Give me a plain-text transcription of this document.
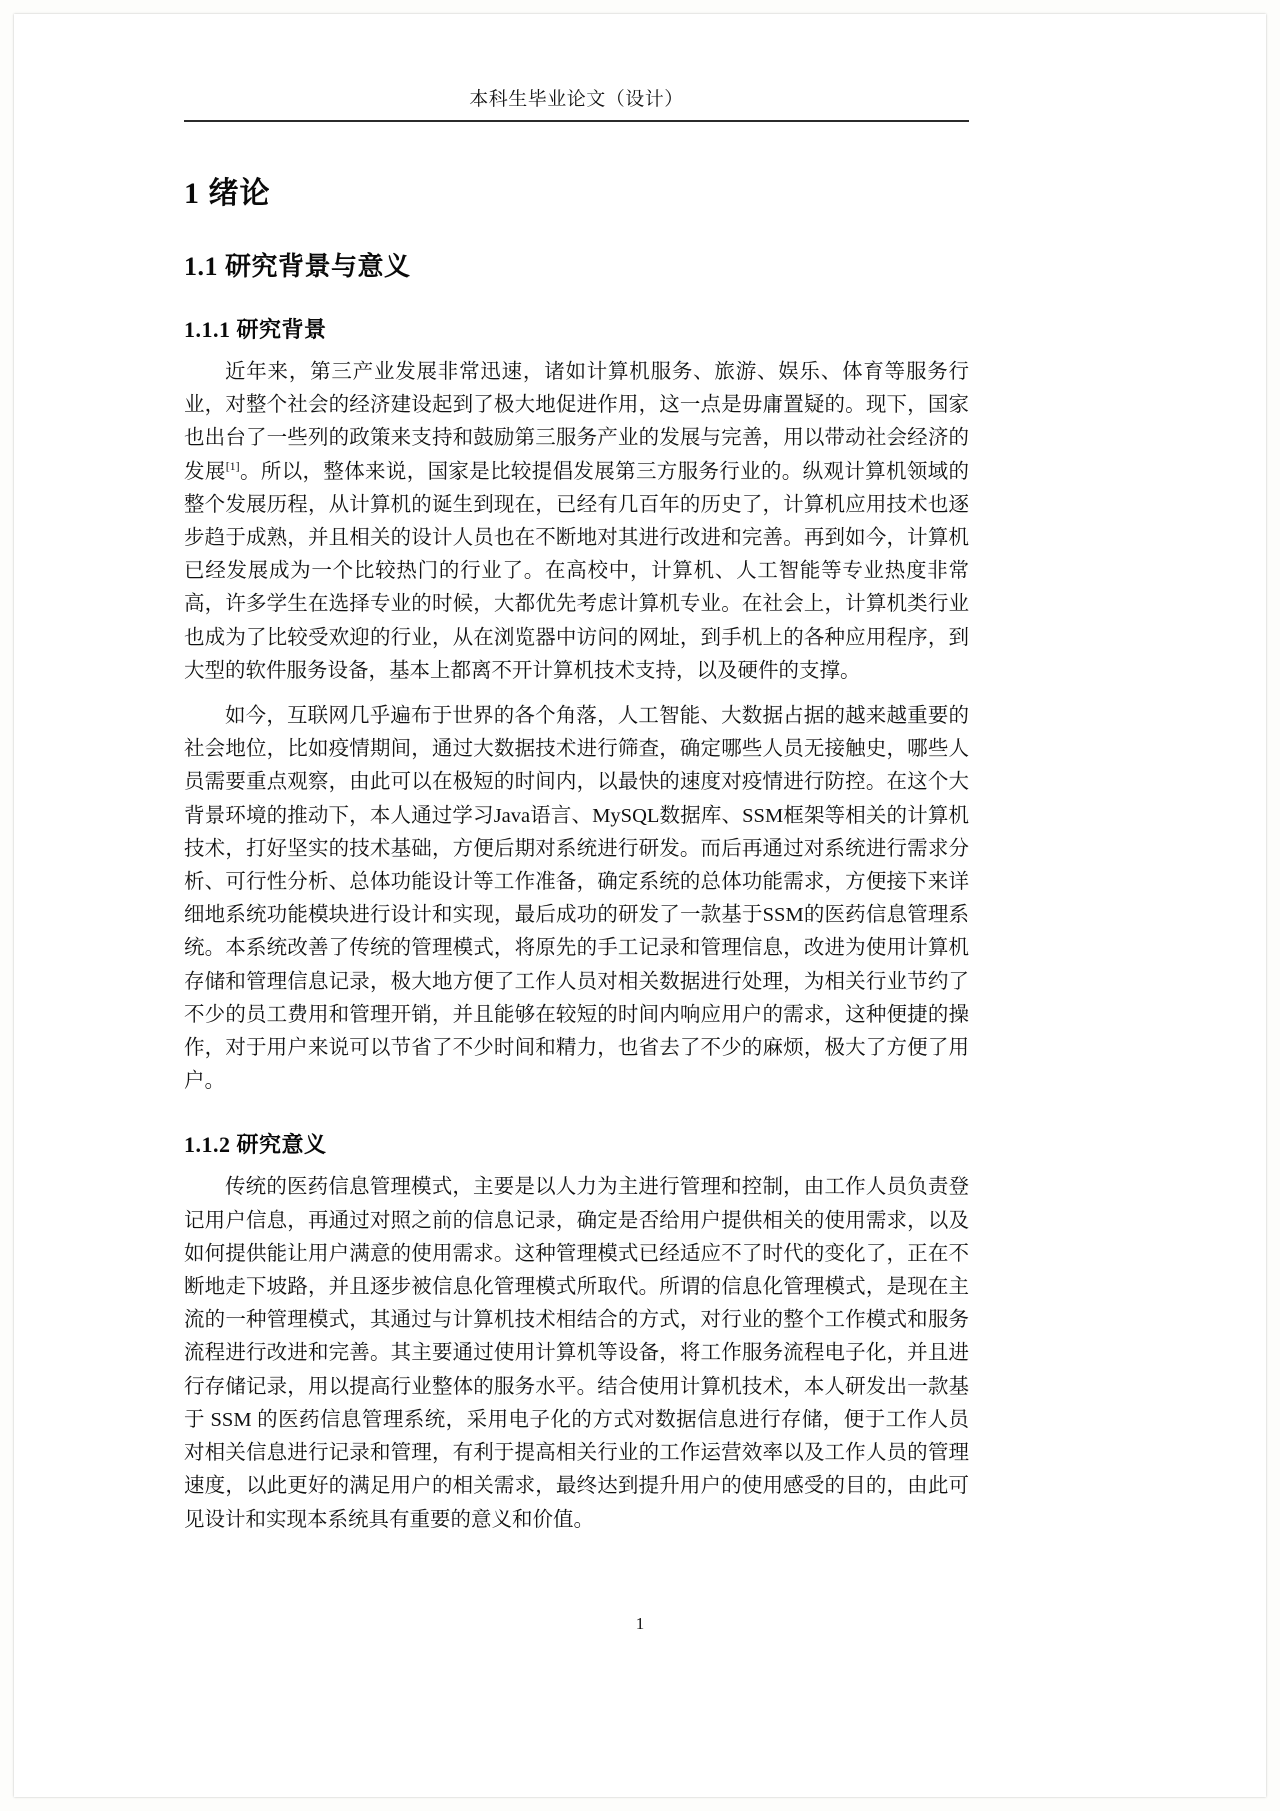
本科生毕业论文（设计）
1 绪论
1.1 研究背景与意义
1.1.1 研究背景

近年来，第三产业发展非常迅速，诸如计算机服务、旅游、娱乐、体育等服务行业，对整个社会的经济建设起到了极大地促进作用，这一点是毋庸置疑的。现下，国家也出台了一些列的政策来支持和鼓励第三服务产业的发展与完善，用以带动社会经济的发展[1]。所以，整体来说，国家是比较提倡发展第三方服务行业的。纵观计算机领域的整个发展历程，从计算机的诞生到现在，已经有几百年的历史了，计算机应用技术也逐步趋于成熟，并且相关的设计人员也在不断地对其进行改进和完善。再到如今，计算机已经发展成为一个比较热门的行业了。在高校中，计算机、人工智能等专业热度非常高，许多学生在选择专业的时候，大都优先考虑计算机专业。在社会上，计算机类行业也成为了比较受欢迎的行业，从在浏览器中访问的网址，到手机上的各种应用程序，到大型的软件服务设备，基本上都离不开计算机技术支持，以及硬件的支撑。

如今，互联网几乎遍布于世界的各个角落，人工智能、大数据占据的越来越重要的社会地位，比如疫情期间，通过大数据技术进行筛查，确定哪些人员无接触史，哪些人员需要重点观察，由此可以在极短的时间内，以最快的速度对疫情进行防控。在这个大背景环境的推动下，本人通过学习Java语言、MySQL数据库、SSM框架等相关的计算机技术，打好坚实的技术基础，方便后期对系统进行研发。而后再通过对系统进行需求分析、可行性分析、总体功能设计等工作准备，确定系统的总体功能需求，方便接下来详细地系统功能模块进行设计和实现，最后成功的研发了一款基于SSM的医药信息管理系统。本系统改善了传统的管理模式，将原先的手工记录和管理信息，改进为使用计算机存储和管理信息记录，极大地方便了工作人员对相关数据进行处理，为相关行业节约了不少的员工费用和管理开销，并且能够在较短的时间内响应用户的需求，这种便捷的操作，对于用户来说可以节省了不少时间和精力，也省去了不少的麻烦，极大了方便了用户。

1.1.2 研究意义

传统的医药信息管理模式，主要是以人力为主进行管理和控制，由工作人员负责登记用户信息，再通过对照之前的信息记录，确定是否给用户提供相关的使用需求，以及如何提供能让用户满意的使用需求。这种管理模式已经适应不了时代的变化了，正在不断地走下坡路，并且逐步被信息化管理模式所取代。所谓的信息化管理模式，是现在主流的一种管理模式，其通过与计算机技术相结合的方式，对行业的整个工作模式和服务流程进行改进和完善。其主要通过使用计算机等设备，将工作服务流程电子化，并且进行存储记录，用以提高行业整体的服务水平。结合使用计算机技术，本人研发出一款基于 SSM 的医药信息管理系统，采用电子化的方式对数据信息进行存储，便于工作人员对相关信息进行记录和管理，有利于提高相关行业的工作运营效率以及工作人员的管理速度，以此更好的满足用户的相关需求，最终达到提升用户的使用感受的目的，由此可见设计和实现本系统具有重要的意义和价值。

1
